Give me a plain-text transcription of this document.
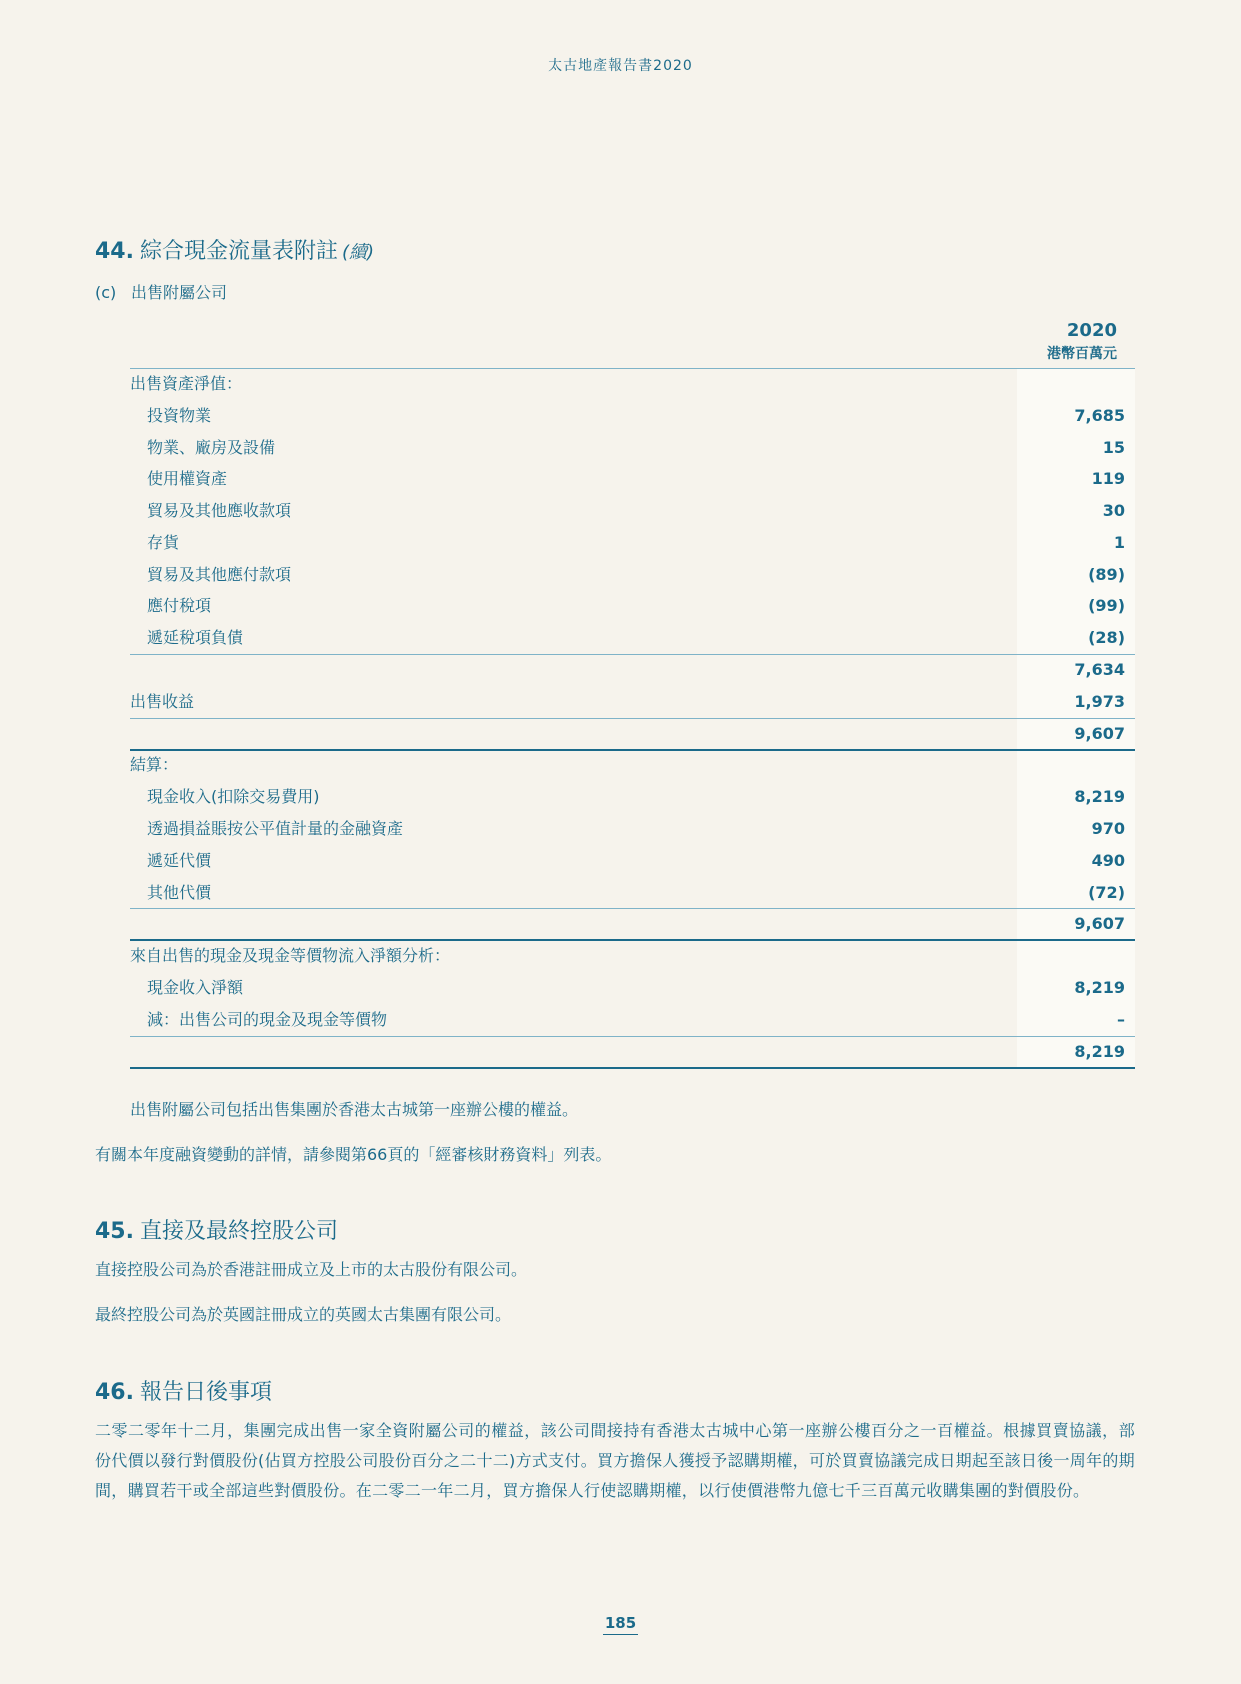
太古地產報告書2020
44. 綜合現金流量表附註 (續)
(c) 出售附屬公司
2020
港幣百萬元
出售資產淨值：
投資物業	7,685
物業、廠房及設備	15
使用權資產	119
貿易及其他應收款項	30
存貨	1
貿易及其他應付款項	(89)
應付稅項	(99)
遞延稅項負債	(28)
7,634
出售收益	1,973
9,607
結算：
現金收入(扣除交易費用)	8,219
透過損益賬按公平值計量的金融資產	970
遞延代價	490
其他代價	(72)
9,607
來自出售的現金及現金等價物流入淨額分析：
現金收入淨額	8,219
減：出售公司的現金及現金等價物	–
8,219
出售附屬公司包括出售集團於香港太古城第一座辦公樓的權益。
有關本年度融資變動的詳情，請參閱第66頁的「經審核財務資料」列表。
45. 直接及最終控股公司
直接控股公司為於香港註冊成立及上市的太古股份有限公司。
最終控股公司為於英國註冊成立的英國太古集團有限公司。
46. 報告日後事項
二零二零年十二月，集團完成出售一家全資附屬公司的權益，該公司間接持有香港太古城中心第一座辦公樓百分之一百權益。根據買賣協議，部份代價以發行對價股份(佔買方控股公司股份百分之二十二)方式支付。買方擔保人獲授予認購期權，可於買賣協議完成日期起至該日後一周年的期間，購買若干或全部這些對價股份。在二零二一年二月，買方擔保人行使認購期權，以行使價港幣九億七千三百萬元收購集團的對價股份。
185
